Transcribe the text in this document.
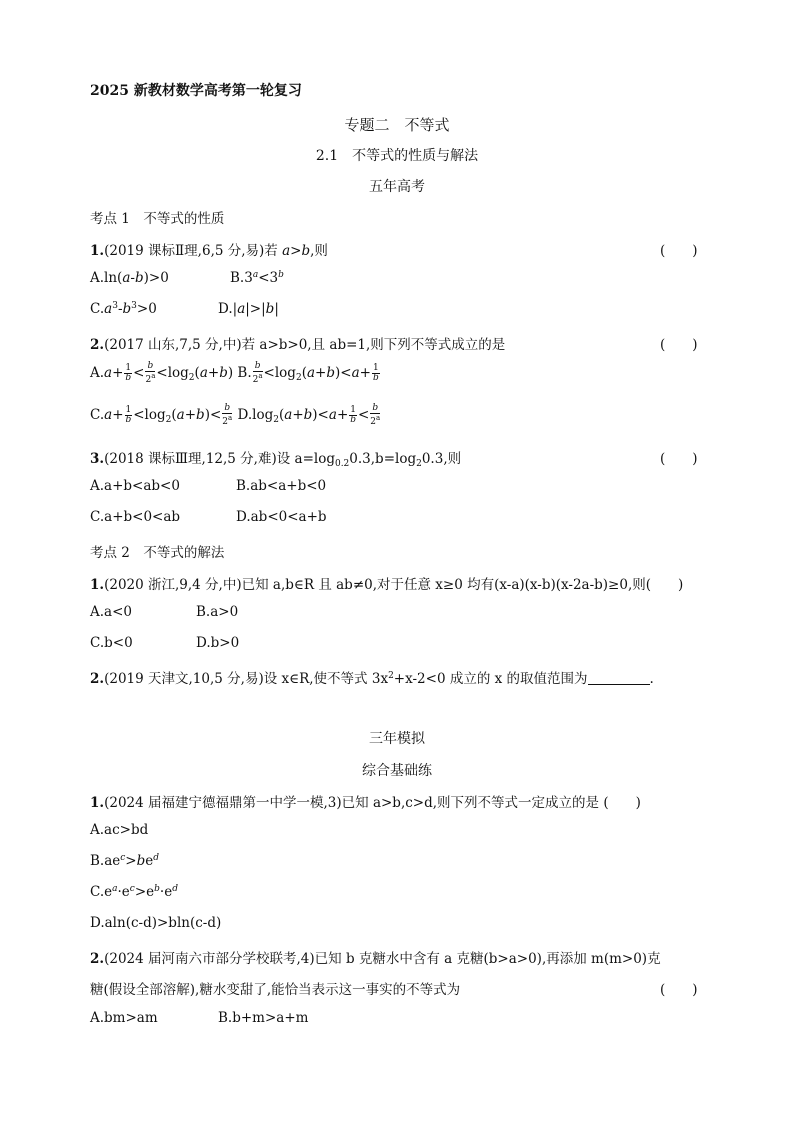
2025 新教材数学高考第一轮复习
专题二　不等式
2.1　不等式的性质与解法
五年高考
考点 1　不等式的性质
1.(2019 课标Ⅱ理,6,5 分,易)若 a>b,则	(　　)
A.ln(a-b)>0	$B.3^a<3^b$
$C.a^3-b^3>0$	D.|a|>|b|
2.(2017 山东,7,5 分,中)若 a>b>0,且 ab=1,则下列不等式成立的是	(　　)
$A.a+ \frac{1}{b} < \frac{b}{2^a} <\log_2(a+b)$ B. $\frac{b}{2^a} <\log_2(a+b)<a+ \frac{1}{b}$
$C.a+ \frac{1}{b} <\log_2(a+b)< \frac{b}{2^a} D.\log_2(a+b)<a+ \frac{1}{b} < \frac{b}{2^a}$
3.(2018 课标Ⅲ理,12,5 分,难)设 $a=\log_{0.2}0.3,b=\log_20.3$,则	(　　)
A.a+b<ab<0	B.ab<a+b<0
C.a+b<0<ab	D.ab<0<a+b
考点 2　不等式的解法
1.(2020 浙江,9,4 分,中)已知 a,b∈R 且 ab≠0,对于任意 x≥0 均有(x-a)(x-b)(x-2a-b)≥0,则(　　)
A.a<0	B.a>0
C.b<0	D.b>0
2.(2019 天津文,10,5 分,易)设 x∈R,使不等式 $3x^2+x-2<0$ 成立的 x 的取值范围为	.
三年模拟
综合基础练
1.(2024 届福建宁德福鼎第一中学一模,3)已知 a>b,c>d,则下列不等式一定成立的是 (　　)
A.ac>bd
$B.ae^c>be^d$
$C.e^a\cdot e^c>e^b\cdot e^d$
D.aln(c-d)>bln(c-d)
2.(2024 届河南六市部分学校联考,4)已知 b 克糖水中含有 a 克糖(b>a>0),再添加 m(m>0)克
糖(假设全部溶解),糖水变甜了,能恰当表示这一事实的不等式为	(　　)
A.bm>am	B.b+m>a+m
